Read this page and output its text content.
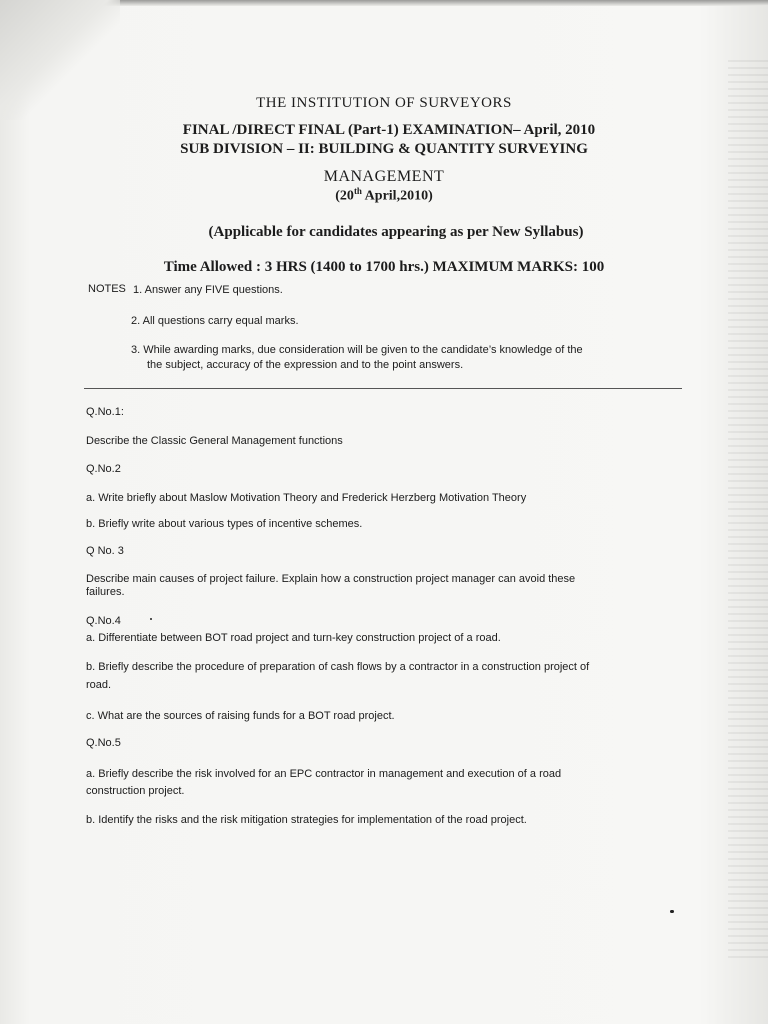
THE INSTITUTION OF SURVEYORS
FINAL /DIRECT FINAL (Part-1) EXAMINATION– April, 2010
SUB DIVISION – II: BUILDING & QUANTITY SURVEYING
MANAGEMENT
(20th April,2010)
(Applicable for candidates appearing as per New Syllabus)
Time Allowed : 3 HRS (1400 to 1700 hrs.) MAXIMUM MARKS: 100
NOTES 1. Answer any FIVE questions.
2. All questions carry equal marks.
3. While awarding marks, due consideration will be given to the candidate’s knowledge of the
the subject, accuracy of the expression and to the point answers.
Q.No.1:
Describe the Classic General Management functions
Q.No.2
a. Write briefly about Maslow Motivation Theory and Frederick Herzberg Motivation Theory
b. Briefly write about various types of incentive schemes.
Q No. 3
Describe main causes of project failure. Explain how a construction project manager can avoid these
failures.
Q.No.4
a. Differentiate between BOT road project and turn-key construction project of a road.
b. Briefly describe the procedure of preparation of cash flows by a contractor in a construction project of
road.
c. What are the sources of raising funds for a BOT road project.
Q.No.5
a. Briefly describe the risk involved for an EPC contractor in management and execution of a road
construction project.
b. Identify the risks and the risk mitigation strategies for implementation of the road project.
